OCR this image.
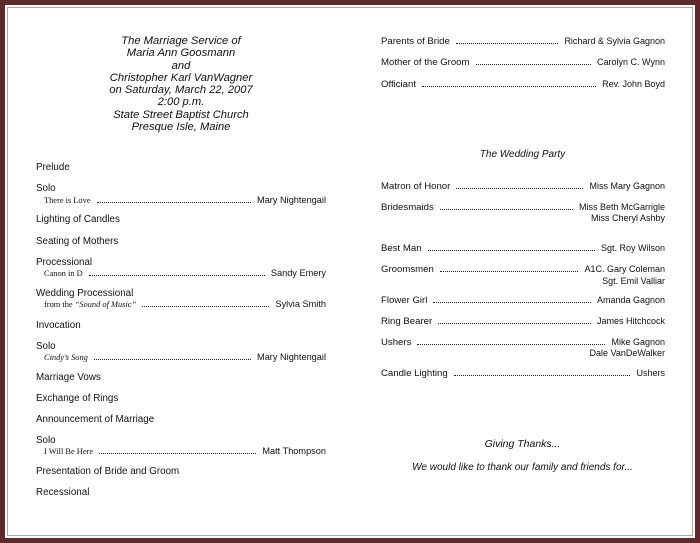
The Marriage Service of
Maria Ann Goosmann
and
Christopher Karl VanWagner
on Saturday, March 22, 2007
2:00 p.m.
State Street Baptist Church
Presque Isle, Maine
Prelude
Solo
There is Love	Mary Nightengail
Lighting of Candles
Seating of Mothers
Processional
Canon in D	Sandy Emery
Wedding Processional
from the “Sound of Music”	Sylvia Smith
Invocation
Solo
Cindy’s Song	Mary Nightengail
Marriage Vows
Exchange of Rings
Announcement of Marriage
Solo
I Will Be Here	Matt Thompson
Presentation of Bride and Groom
Recessional
Parents of Bride	Richard & Sylvia Gagnon
Mother of the Groom	Carolyn C. Wynn
Officiant	Rev. John Boyd
The Wedding Party
Matron of Honor	Miss Mary Gagnon
Bridesmaids	Miss Beth McGarrigle
Miss Cheryl Ashby
Best Man	Sgt. Roy Wilson
Groomsmen	A1C. Gary Coleman
Sgt. Emil Valliar
Flower Girl	Amanda Gagnon
Ring Bearer	James Hitchcock
Ushers	Mike Gagnon
Dale VanDeWalker
Candle Lighting	Ushers
Giving Thanks...
We would like to thank our family and friends for...
